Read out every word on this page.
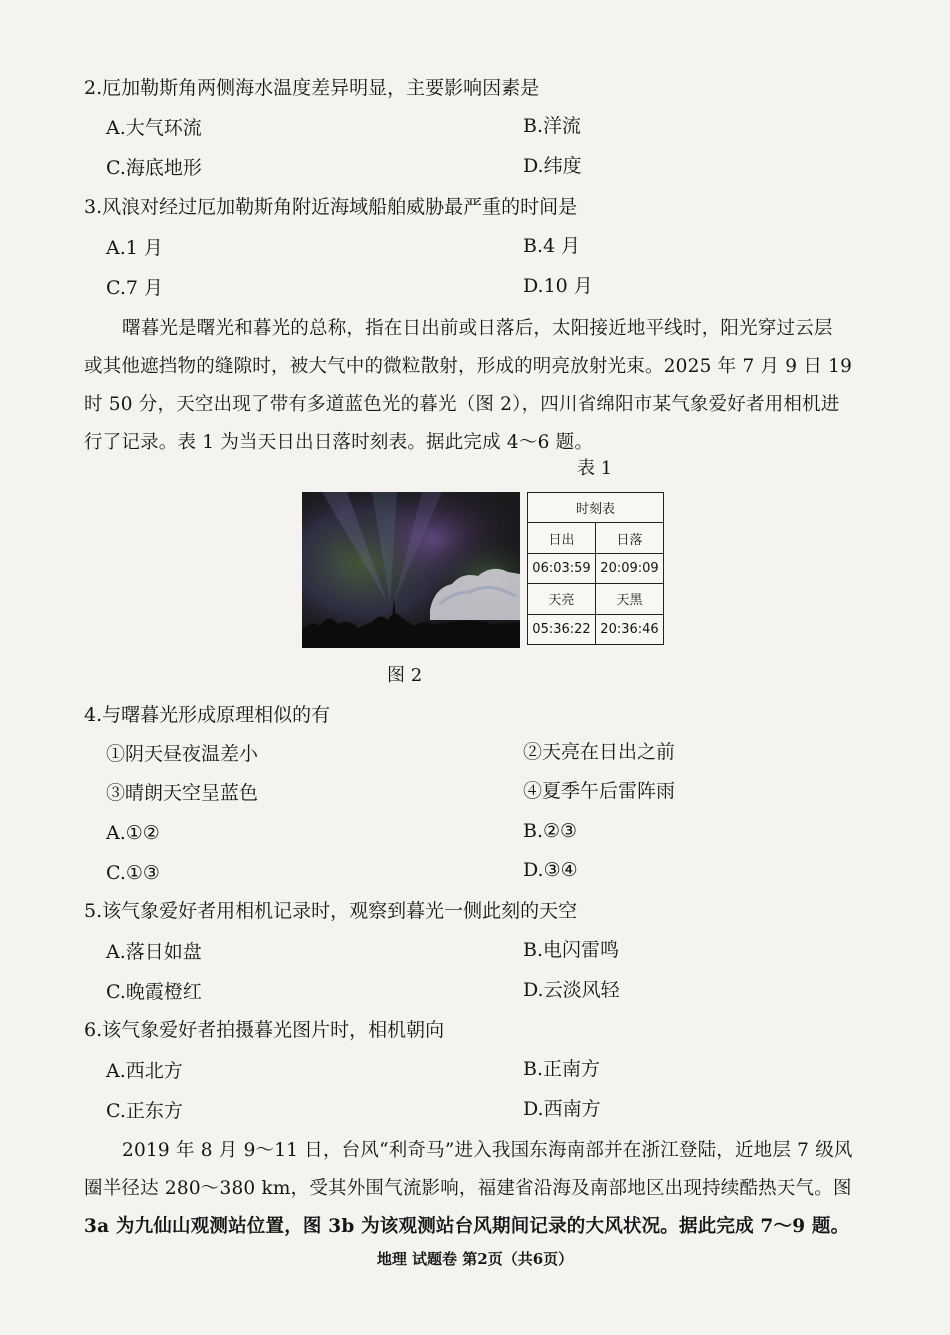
2.厄加勒斯角两侧海水温度差异明显，主要影响因素是
A.大气环流	B.洋流
C.海底地形	D.纬度
3.风浪对经过厄加勒斯角附近海域船舶威胁最严重的时间是
A.1 月	B.4 月
C.7 月	D.10 月
曙暮光是曙光和暮光的总称，指在日出前或日落后，太阳接近地平线时，阳光穿过云层
或其他遮挡物的缝隙时，被大气中的微粒散射，形成的明亮放射光束。2025 年 7 月 9 日 19
时 50 分，天空出现了带有多道蓝色光的暮光（图 2），四川省绵阳市某气象爱好者用相机进
行了记录。表 1 为当天日出日落时刻表。据此完成 4～6 题。
表 1
时刻表	
日出	日落
06:03:59	20:09:09
天亮	天黑
05:36:22	20:36:46
图 2
4.与曙暮光形成原理相似的有
①阴天昼夜温差小	②天亮在日出之前
③晴朗天空呈蓝色	④夏季午后雷阵雨
A.①②	B.②③
C.①③	D.③④
5.该气象爱好者用相机记录时，观察到暮光一侧此刻的天空
A.落日如盘	B.电闪雷鸣
C.晚霞橙红	D.云淡风轻
6.该气象爱好者拍摄暮光图片时，相机朝向
A.西北方	B.正南方
C.正东方	D.西南方
2019 年 8 月 9～11 日，台风“利奇马”进入我国东海南部并在浙江登陆，近地层 7 级风
圈半径达 280～380 km，受其外围气流影响，福建省沿海及南部地区出现持续酷热天气。图
3a 为九仙山观测站位置，图 3b 为该观测站台风期间记录的大风状况。据此完成 7～9 题。
地理 试题卷 第2页（共6页）
